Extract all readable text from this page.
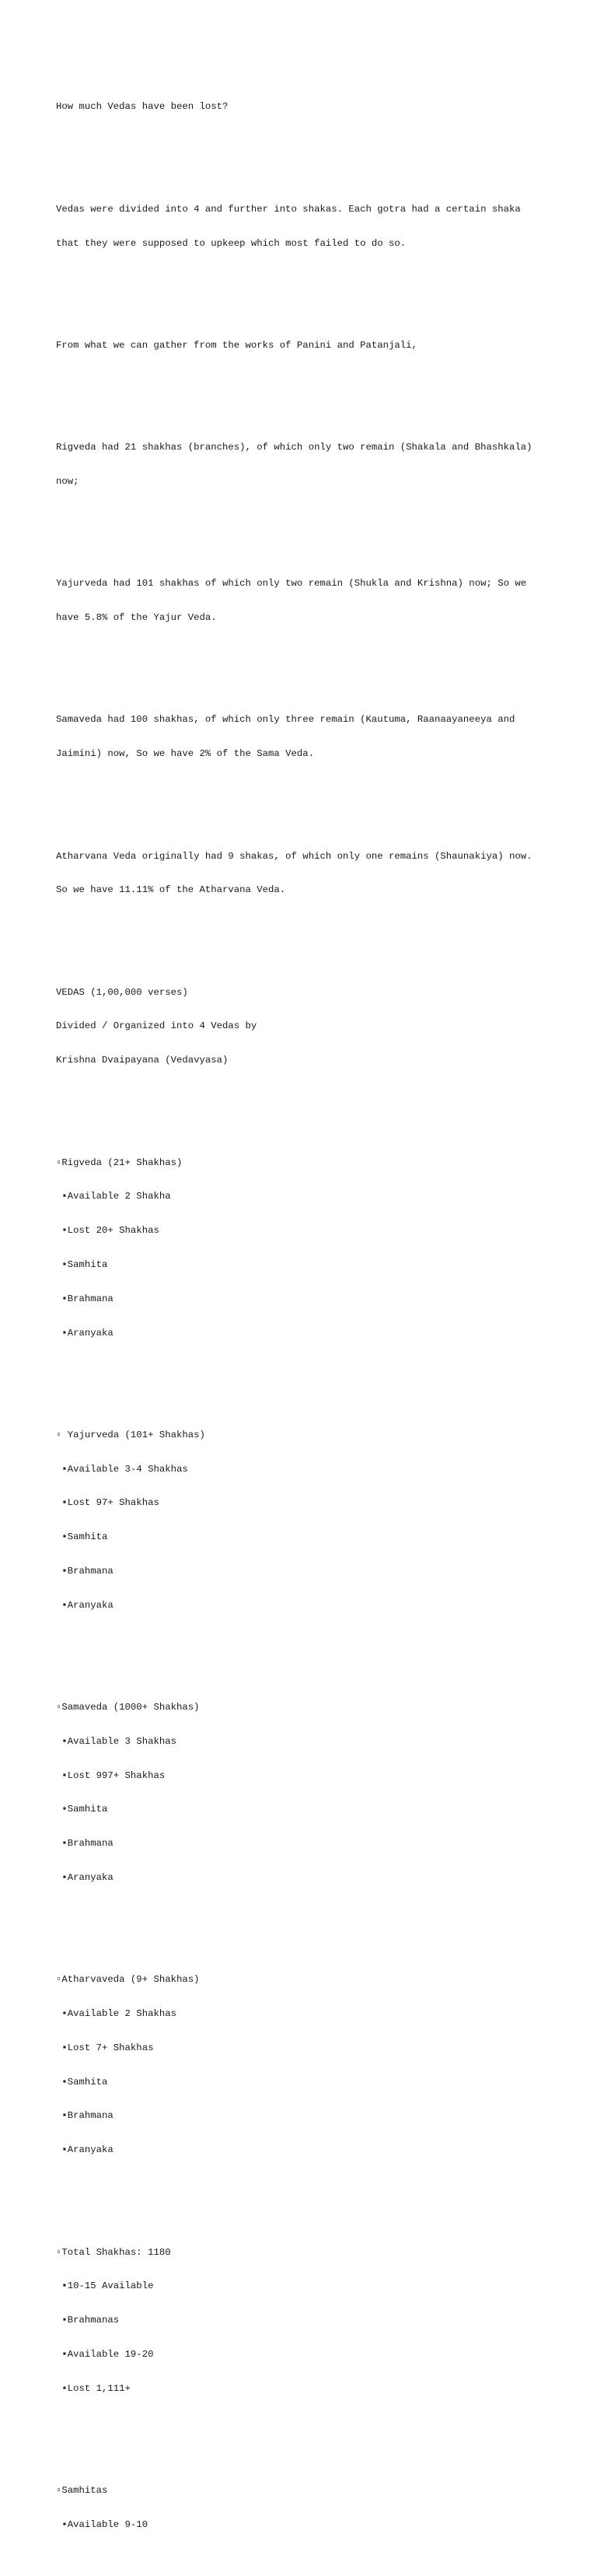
How much Vedas have been lost?

Vedas were divided into 4 and further into shakas. Each gotra had a certain shaka

that they were supposed to upkeep which most failed to do so.

From what we can gather from the works of Panini and Patanjali,

Rigveda had 21 shakhas (branches), of which only two remain (Shakala and Bhashkala)

now;

Yajurveda had 101 shakhas of which only two remain (Shukla and Krishna) now; So we

have 5.8% of the Yajur Veda.

Samaveda had 100 shakhas, of which only three remain (Kautuma, Raanaayaneeya and

Jaimini) now, So we have 2% of the Sama Veda.

Atharvana Veda originally had 9 shakas, of which only one remains (Shaunakiya) now.

So we have 11.11% of the Atharvana Veda.

VEDAS (1,00,000 verses)

Divided / Organized into 4 Vedas by

Krishna Dvaipayana (Vedavyasa)

▫Rigveda (21+ Shakhas)

▪Available 2 Shakha

▪Lost 20+ Shakhas

▪Samhita

▪Brahmana

▪Aranyaka

▫ Yajurveda (101+ Shakhas)

▪Available 3-4 Shakhas

▪Lost 97+ Shakhas

▪Samhita

▪Brahmana

▪Aranyaka

▫Samaveda (1000+ Shakhas)

▪Available 3 Shakhas

▪Lost 997+ Shakhas

▪Samhita

▪Brahmana

▪Aranyaka

▫Atharvaveda (9+ Shakhas)

▪Available 2 Shakhas

▪Lost 7+ Shakhas

▪Samhita

▪Brahmana

▪Aranyaka

▫Total Shakhas: 1180

▪10-15 Available

▪Brahmanas

▪Available 19-20

▪Lost 1,111+

▫Samhitas

▪Available 9-10
